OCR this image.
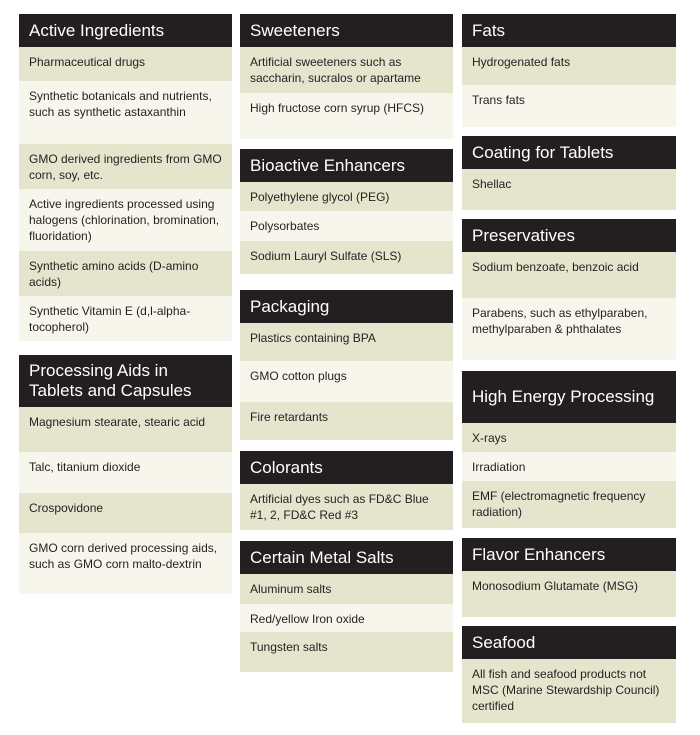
Active Ingredients
Pharmaceutical drugs
Synthetic botanicals and nutrients, such as synthetic astaxanthin
GMO derived ingredients from GMO corn, soy, etc.
Active ingredients processed using halogens (chlorination, bromination, fluoridation)
Synthetic amino acids (D-amino acids)
Synthetic Vitamin E (d,l-alpha-tocopherol)
Processing Aids in Tablets and Capsules
Magnesium stearate, stearic acid
Talc, titanium dioxide
Crospovidone
GMO corn derived processing aids, such as GMO corn malto-dextrin
Sweeteners
Artificial sweeteners such as saccharin, sucralos or apartame
High fructose corn syrup (HFCS)
Bioactive Enhancers
Polyethylene glycol (PEG)
Polysorbates
Sodium Lauryl Sulfate (SLS)
Packaging
Plastics containing BPA
GMO cotton plugs
Fire retardants
Colorants
Artificial dyes such as FD&C Blue #1, 2, FD&C Red #3
Certain Metal Salts
Aluminum salts
Red/yellow Iron oxide
Tungsten salts
Fats
Hydrogenated fats
Trans fats
Coating for Tablets
Shellac
Preservatives
Sodium benzoate, benzoic acid
Parabens, such as ethylparaben, methylparaben & phthalates
High Energy Processing
X-rays
Irradiation
EMF (electromagnetic frequency radiation)
Flavor Enhancers
Monosodium Glutamate (MSG)
Seafood
All fish and seafood products not MSC (Marine Stewardship Council) certified
